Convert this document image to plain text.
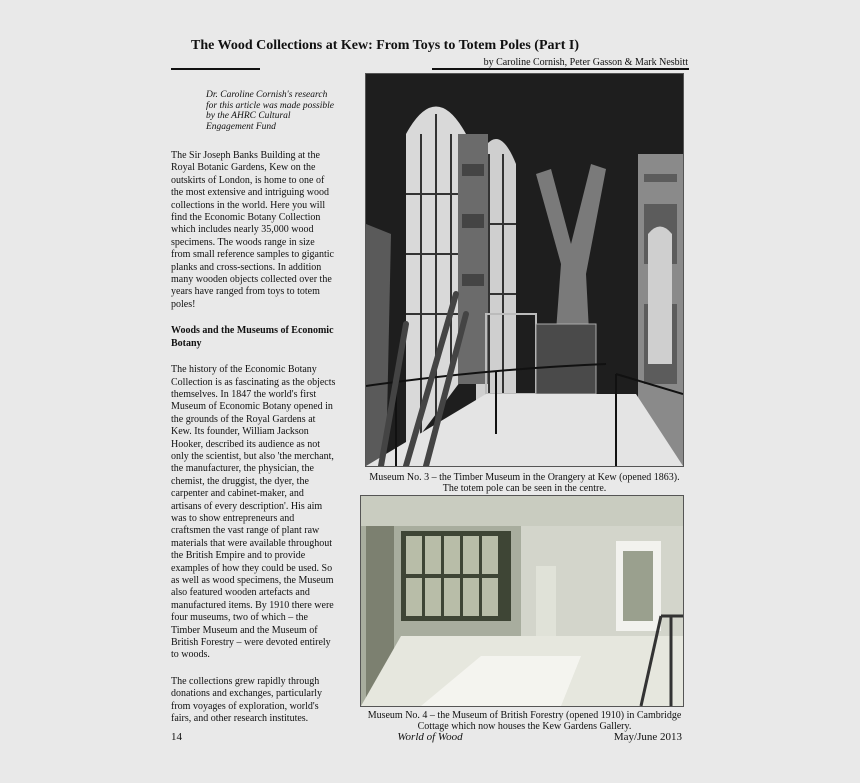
The Wood Collections at Kew: From Toys to Totem Poles (Part I)
by Caroline Cornish, Peter Gasson & Mark Nesbitt
Dr. Caroline Cornish's research for this article was made possible by the AHRC Cultural Engagement Fund

The Sir Joseph Banks Building at the Royal Botanic Gardens, Kew on the outskirts of London, is home to one of the most extensive and intriguing wood collections in the world. Here you will find the Economic Botany Collection which includes nearly 35,000 wood specimens. The woods range in size from small reference samples to gigantic planks and cross-sections. In addition many wooden objects collected over the years have ranged from toys to totem poles!

Woods and the Museums of Economic Botany

The history of the Economic Botany Collection is as fascinating as the objects themselves. In 1847 the world's first Museum of Economic Botany opened in the grounds of the Royal Gardens at Kew. Its founder, William Jackson Hooker, described its audience as not only the scientist, but also 'the merchant, the manufacturer, the physician, the chemist, the druggist, the dyer, the carpenter and cabinet-maker, and artisans of every description'. His aim was to show entrepreneurs and craftsmen the vast range of plant raw materials that were available throughout the British Empire and to provide examples of how they could be used. So as well as wood specimens, the Museum also featured wooden artefacts and manufactured items. By 1910 there were four museums, two of which – the Timber Museum and the Museum of British Forestry – were devoted entirely to woods.

The collections grew rapidly through donations and exchanges, particularly from voyages of exploration, world's fairs, and other research institutes.

Museum No. 3 – the Timber Museum in the Orangery at Kew (opened 1863).
The totem pole can be seen in the centre.
Museum No. 4 – the Museum of British Forestry (opened 1910) in Cambridge
Cottage which now houses the Kew Gardens Gallery.
14	World of Wood	May/June 2013
